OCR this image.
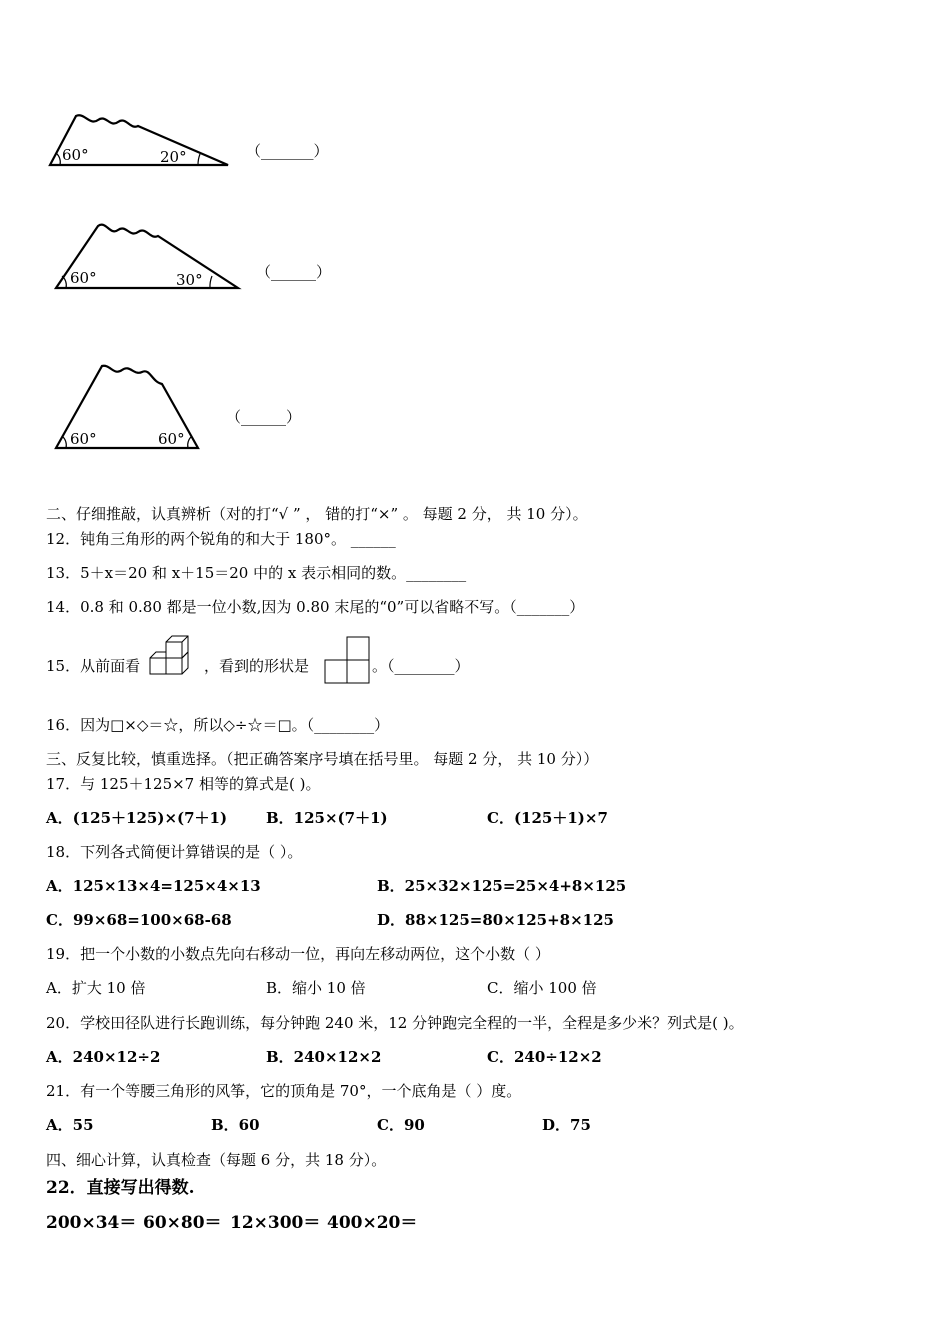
60°	20°	（_______）
60°	30°	（______）
60°	60°
（______）
二、仔细推敲，认真辨析（对的打“√ ” ， 错的打“×” 。 每题 2 分， 共 10 分）。
12．钝角三角形的两个锐角的和大于 180°。 ______
13．5＋x＝20 和 x＋15＝20 中的 x 表示相同的数。________
14．0.8 和 0.80 都是一位小数,因为 0.80 末尾的“0”可以省略不写。（_______）
15．从前面看	，看到的形状是	。（________）
16．因为□×◇＝☆，所以◇÷☆＝□。（________）
三、反复比较，慎重选择。（把正确答案序号填在括号里。 每题 2 分， 共 10 分））
17．与 125＋125×7 相等的算式是( )。
A．(125＋125)×(7＋1)	B．125×(7＋1)	C．(125＋1)×7
18．下列各式简便计算错误的是（ ）。
A．125×13×4=125×4×13	B．25×32×125=25×4+8×125
C．99×68=100×68-68	D．88×125=80×125+8×125
19．把一个小数的小数点先向右移动一位，再向左移动两位，这个小数（ ）
A．扩大 10 倍	B．缩小 10 倍	C．缩小 100 倍
20．学校田径队进行长跑训练，每分钟跑 240 米，12 分钟跑完全程的一半，全程是多少米？列式是( )。
A．240×12÷2	B．240×12×2	C．240÷12×2
21．有一个等腰三角形的风筝，它的顶角是 70°，一个底角是（ ）度。
A．55	B．60	C．90	D．75
四、细心计算，认真检查（每题 6 分，共 18 分）。
22．直接写出得数.
200×34＝ 60×80＝ 12×300＝ 400×20＝
